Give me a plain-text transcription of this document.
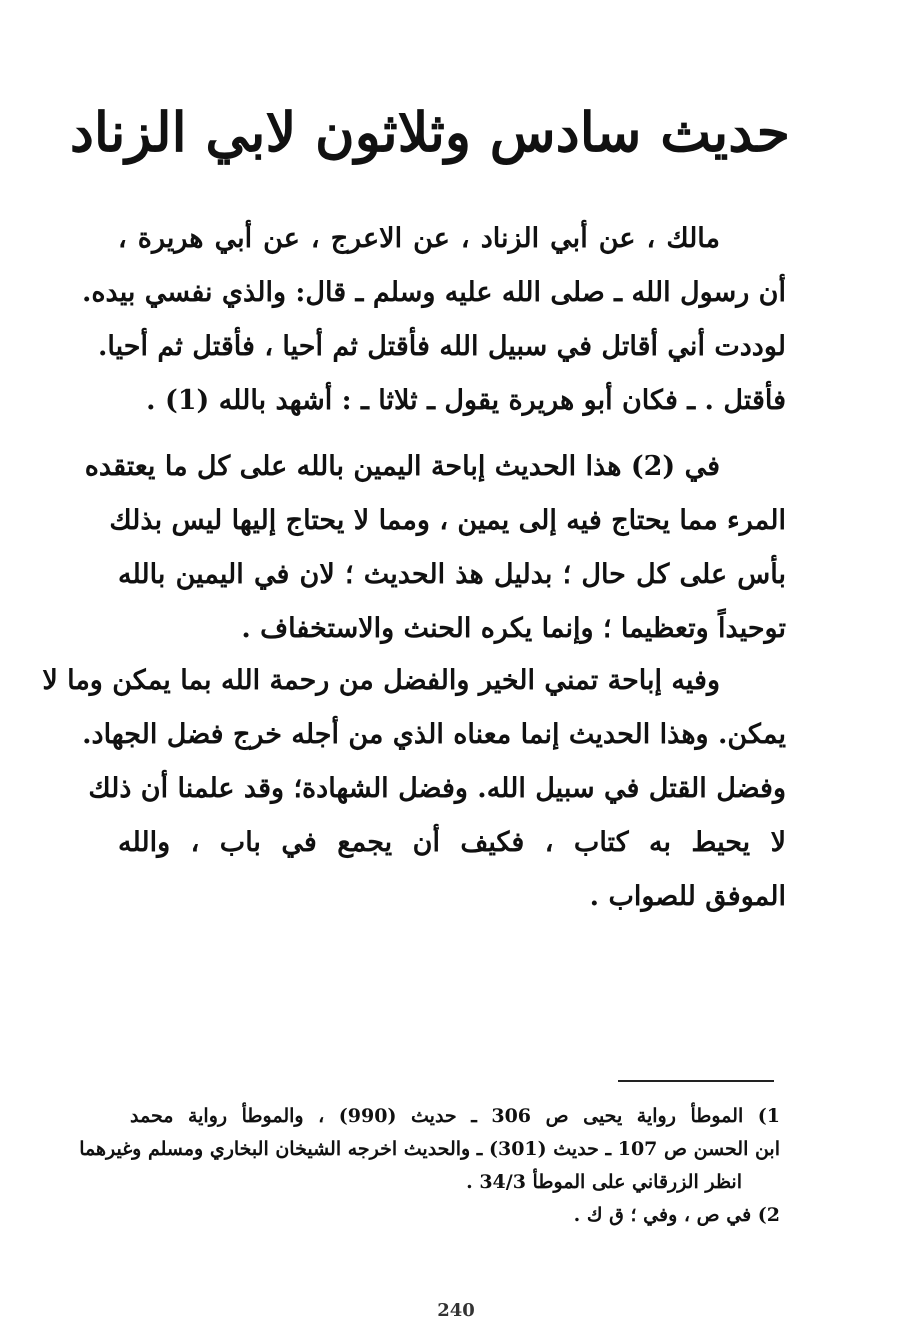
حديث سادس وثلاثون لابي الزناد
مالك ، عن أبي الزناد ، عن الاعرج ، عن أبي هريرة ،
أن رسول الله ـ صلى الله عليه وسلم ـ قال: والذي نفسي بيده.
لوددت أني أقاتل في سبيل الله فأقتل ثم أحيا ، فأقتل ثم أحيا.
فأقتل . ـ فكان أبو هريرة يقول ـ ثلاثا ـ : أشهد بالله (1) .
في (2) هذا الحديث إباحة اليمين بالله على كل ما يعتقده
المرء مما يحتاج فيه إلى يمين ، ومما لا يحتاج إليها ليس بذلك
بأس على كل حال ؛ بدليل هذ الحديث ؛ لان في اليمين بالله
توحيداً وتعظيما ؛ وإنما يكره الحنث والاستخفاف .
وفيه إباحة تمني الخير والفضل من رحمة الله بما يمكن وما لا
يمكن. وهذا الحديث إنما معناه الذي من أجله خرج فضل الجهاد.
وفضل القتل في سبيل الله. وفضل الشهادة؛ وقد علمنا أن ذلك
لا يحيط به كتاب ، فكيف أن يجمع في باب ، والله
الموفق للصواب .
1) الموطأ رواية يحيى ص 306 ـ حديث (990) ، والموطأ رواية محمد
ابن الحسن ص 107 ـ حديث (301) ـ والحديث اخرجه الشيخان البخاري ومسلم وغيرهما
انظر الزرقاني على الموطأ 34/3 .
2) في ص ، وفي ؛ ق ك .
240
